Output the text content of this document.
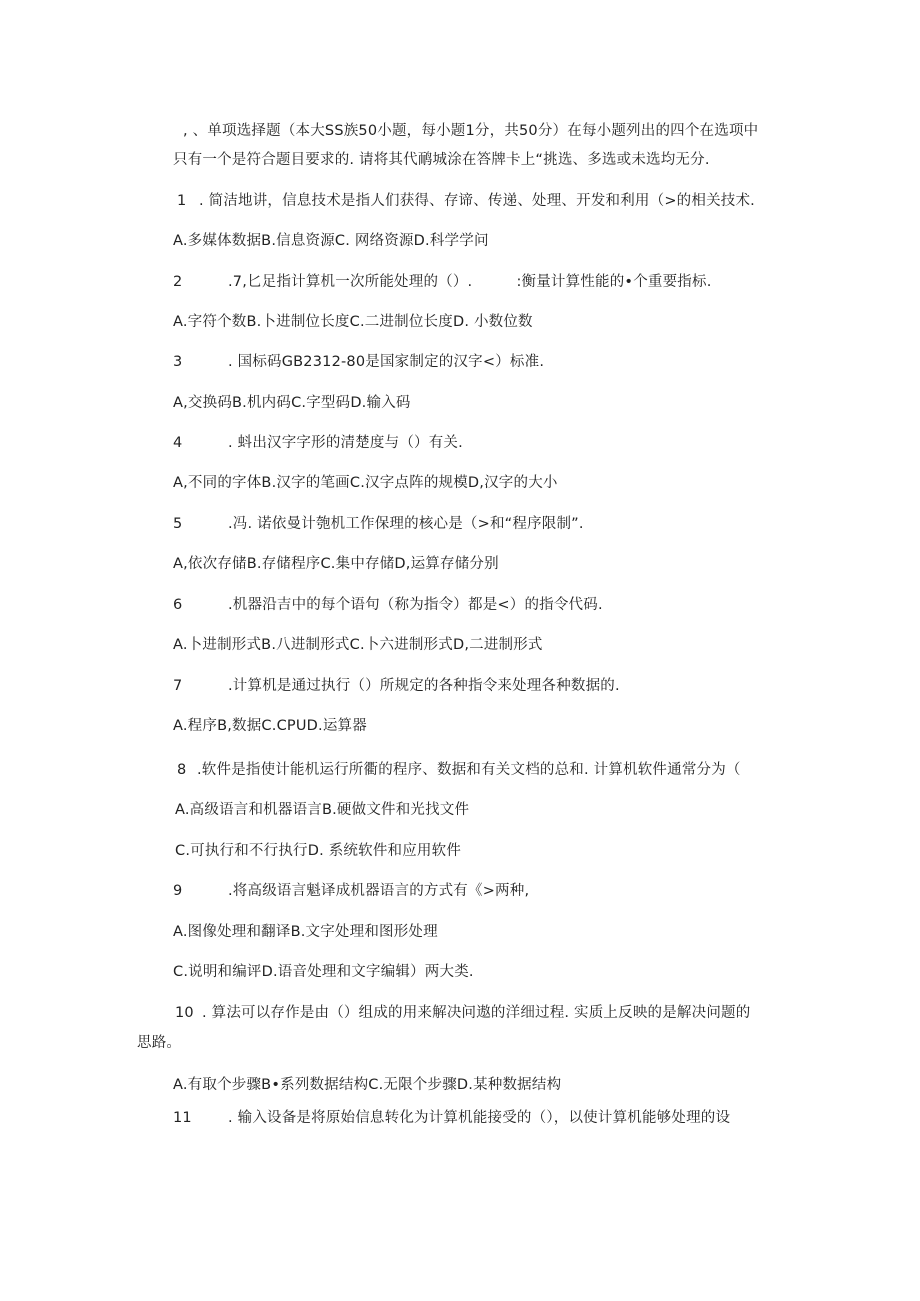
, 、单项选择题（本大SS族50小题，每小题1分，共50分）在每小题列出的四个在选项中
只有一个是符合题目要求的. 请将其代鸸城涂在答牌卡上“挑选、多选或未选均无分.
1 . 简洁地讲，信息技术是指人们获得、存谛、传递、处理、开发和利用（>的相关技术.
A.多媒体数据B.信息资源C. 网络资源D.科学学问
2	.7,匕足指计算机一次所能处理的（）.　　　:衡量计算性能的•个重要指标.
A.字符个数B.卜进制位长度C.二进制位长度D. 小数位数
3	. 国标码GB2312-80是国家制定的汉字<）标准.
A,交换码B.机内码C.字型码D.输入码
4	. 蚪出汉字字形的清楚度与（）有关.
A,不同的字体B.汉字的笔画C.汉字点阵的规模D,汉字的大小
5	.冯. 诺依曼计匏机工作保理的核心是（>和“程序限制”.
A,依次存储B.存储程序C.集中存储D,运算存储分别
6	.机器沿吉中的每个语句（称为指令）都是<）的指令代码.
A.卜进制形式B.八进制形式C.卜六进制形式D,二进制形式
7	.计算机是通过执行（）所规定的各种指令来处理各种数据的.
A.程序B,数据C.CPUD.运算器
8 .软件是指使计能机运行所衢的程序、数据和有关文档的总和. 计算机软件通常分为（
A.高级语言和机器语言B.硬做文件和光找文件
C.可执行和不行执行D. 系统软件和应用软件
9	.将高级语言魁译成机器语言的方式有《>两种,
A.图像处理和翻译B.文字处理和图形处理
C.说明和编评D.语音处理和文字编辑）两大类.
10 . 算法可以存作是由（）组成的用来解决问遨的洋细过程. 实质上反映的是解决问题的
思路。
A.有取个步骤B•系列数据结构C.无限个步骤D.某种数据结构
11 . 输入设备是将原始信息转化为计算机能接受的（），以使计算机能够处理的设
